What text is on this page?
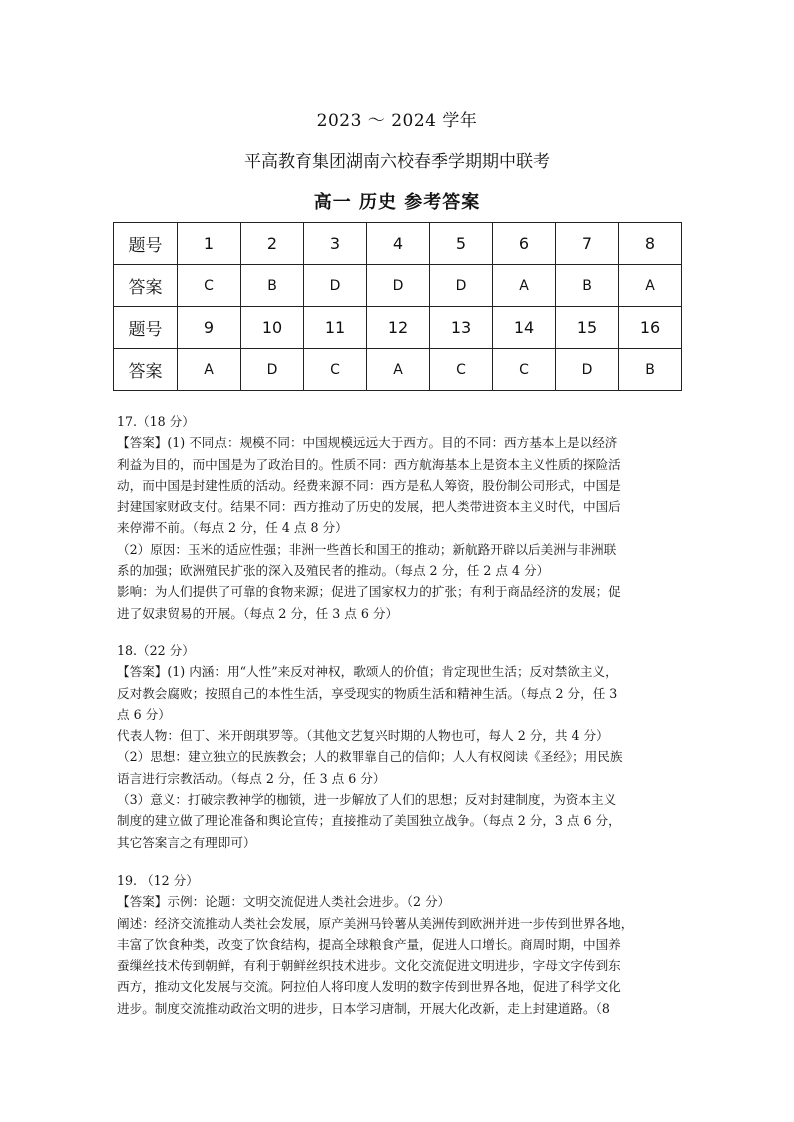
2023 ～ 2024 学年
平高教育集团湖南六校春季学期期中联考
高一 历史 参考答案
题号	1	2	3	4	5	6	7	8
答案	C	B	D	D	D	A	B	A
题号	9	10	11	12	13	14	15	16
答案	A	D	C	A	C	C	D	B

17.（18 分）

【答案】(1) 不同点：规模不同：中国规模远远大于西方。目的不同：西方基本上是以经济

利益为目的，而中国是为了政治目的。性质不同：西方航海基本上是资本主义性质的探险活

动，而中国是封建性质的活动。经费来源不同：西方是私人筹资，股份制公司形式，中国是

封建国家财政支付。结果不同：西方推动了历史的发展，把人类带进资本主义时代，中国后

来停滞不前。（每点 2 分，任 4 点 8 分）

（2）原因：玉米的适应性强；非洲一些酋长和国王的推动；新航路开辟以后美洲与非洲联

系的加强；欧洲殖民扩张的深入及殖民者的推动。（每点 2 分，任 2 点 4 分）

影响：为人们提供了可靠的食物来源；促进了国家权力的扩张；有利于商品经济的发展；促

进了奴隶贸易的开展。（每点 2 分，任 3 点 6 分）

18.（22 分）

【答案】(1) 内涵：用“人性”来反对神权，歌颂人的价值；肯定现世生活；反对禁欲主义，

反对教会腐败；按照自己的本性生活，享受现实的物质生活和精神生活。（每点 2 分，任 3

点 6 分）

代表人物：但丁、米开朗琪罗等。（其他文艺复兴时期的人物也可，每人 2 分，共 4 分）

（2）思想：建立独立的民族教会；人的救罪靠自己的信仰；人人有权阅读《圣经》；用民族

语言进行宗教活动。（每点 2 分，任 3 点 6 分）

（3）意义：打破宗教神学的枷锁，进一步解放了人们的思想；反对封建制度，为资本主义

制度的建立做了理论准备和舆论宣传；直接推动了美国独立战争。（每点 2 分，3 点 6 分，

其它答案言之有理即可）

19. （12 分）

【答案】示例：论题：文明交流促进人类社会进步。（2 分）

阐述：经济交流推动人类社会发展，原产美洲马铃薯从美洲传到欧洲并进一步传到世界各地，

丰富了饮食种类，改变了饮食结构，提高全球粮食产量，促进人口增长。商周时期，中国养

蚕缫丝技术传到朝鲜，有利于朝鲜丝织技术进步。文化交流促进文明进步，字母文字传到东

西方，推动文化发展与交流。阿拉伯人将印度人发明的数字传到世界各地，促进了科学文化

进步。制度交流推动政治文明的进步，日本学习唐制，开展大化改新，走上封建道路。（8
